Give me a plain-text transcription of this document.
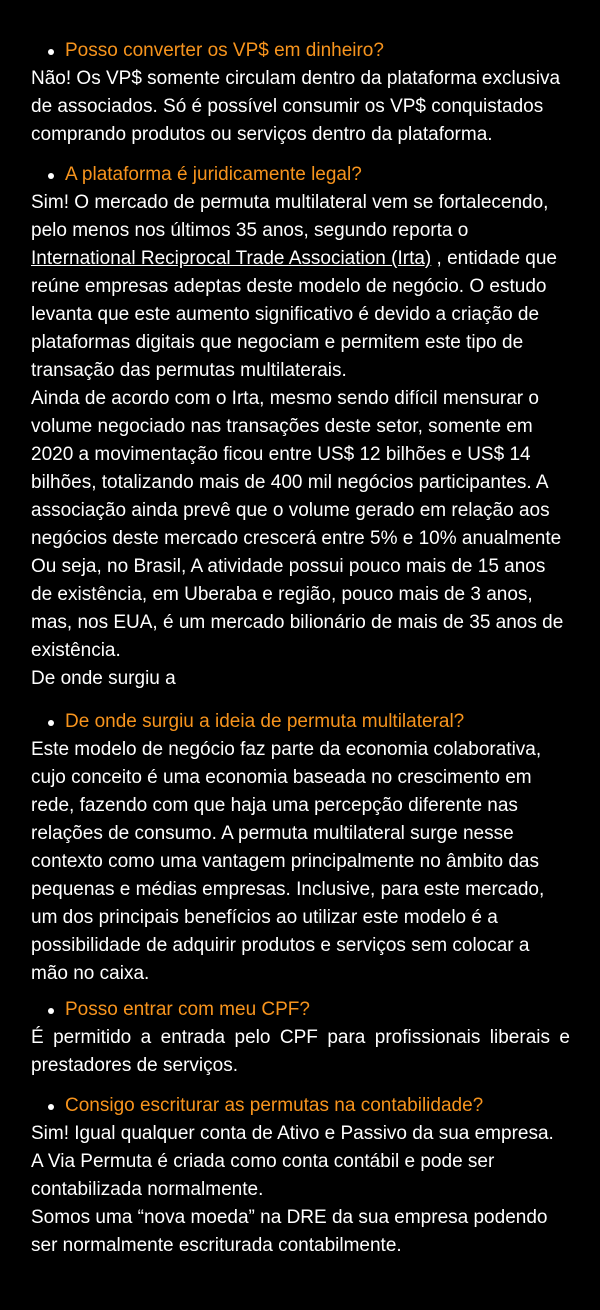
Posso converter os VP$ em dinheiro?

Não! Os VP$ somente circulam dentro da plataforma exclusiva de associados. Só é possível consumir os VP$ conquistados comprando produtos ou serviços dentro da plataforma.

A plataforma é juridicamente legal?

Sim! O mercado de permuta multilateral vem se fortalecendo, pelo menos nos últimos 35 anos, segundo reporta o International Reciprocal Trade Association (Irta) , entidade que reúne empresas adeptas deste modelo de negócio. O estudo levanta que este aumento significativo é devido a criação de plataformas digitais que negociam e permitem este tipo de transação das permutas multilaterais.

Ainda de acordo com o Irta, mesmo sendo difícil mensurar o volume negociado nas transações deste setor, somente em 2020 a movimentação ficou entre US$ 12 bilhões e US$ 14 bilhões, totalizando mais de 400 mil negócios participantes. A associação ainda prevê que o volume gerado em relação aos negócios deste mercado crescerá entre 5% e 10% anualmente

Ou seja, no Brasil, A atividade possui pouco mais de 15 anos de existência, em Uberaba e região, pouco mais de 3 anos, mas, nos EUA, é um mercado bilionário de mais de 35 anos de existência.

De onde surgiu a

De onde surgiu a ideia de permuta multilateral?

Este modelo de negócio faz parte da economia colaborativa, cujo conceito é uma economia baseada no crescimento em rede, fazendo com que haja uma percepção diferente nas relações de consumo. A permuta multilateral surge nesse contexto como uma vantagem principalmente no âmbito das pequenas e médias empresas. Inclusive, para este mercado, um dos principais benefícios ao utilizar este modelo é a possibilidade de adquirir produtos e serviços sem colocar a mão no caixa.

Posso entrar com meu CPF?

É permitido a entrada pelo CPF para profissionais liberais e prestadores de serviços.

Consigo escriturar as permutas na contabilidade?

Sim! Igual qualquer conta de Ativo e Passivo da sua empresa.

A Via Permuta é criada como conta contábil e pode ser contabilizada normalmente.

Somos uma “nova moeda” na DRE da sua empresa podendo ser normalmente escriturada contabilmente.
